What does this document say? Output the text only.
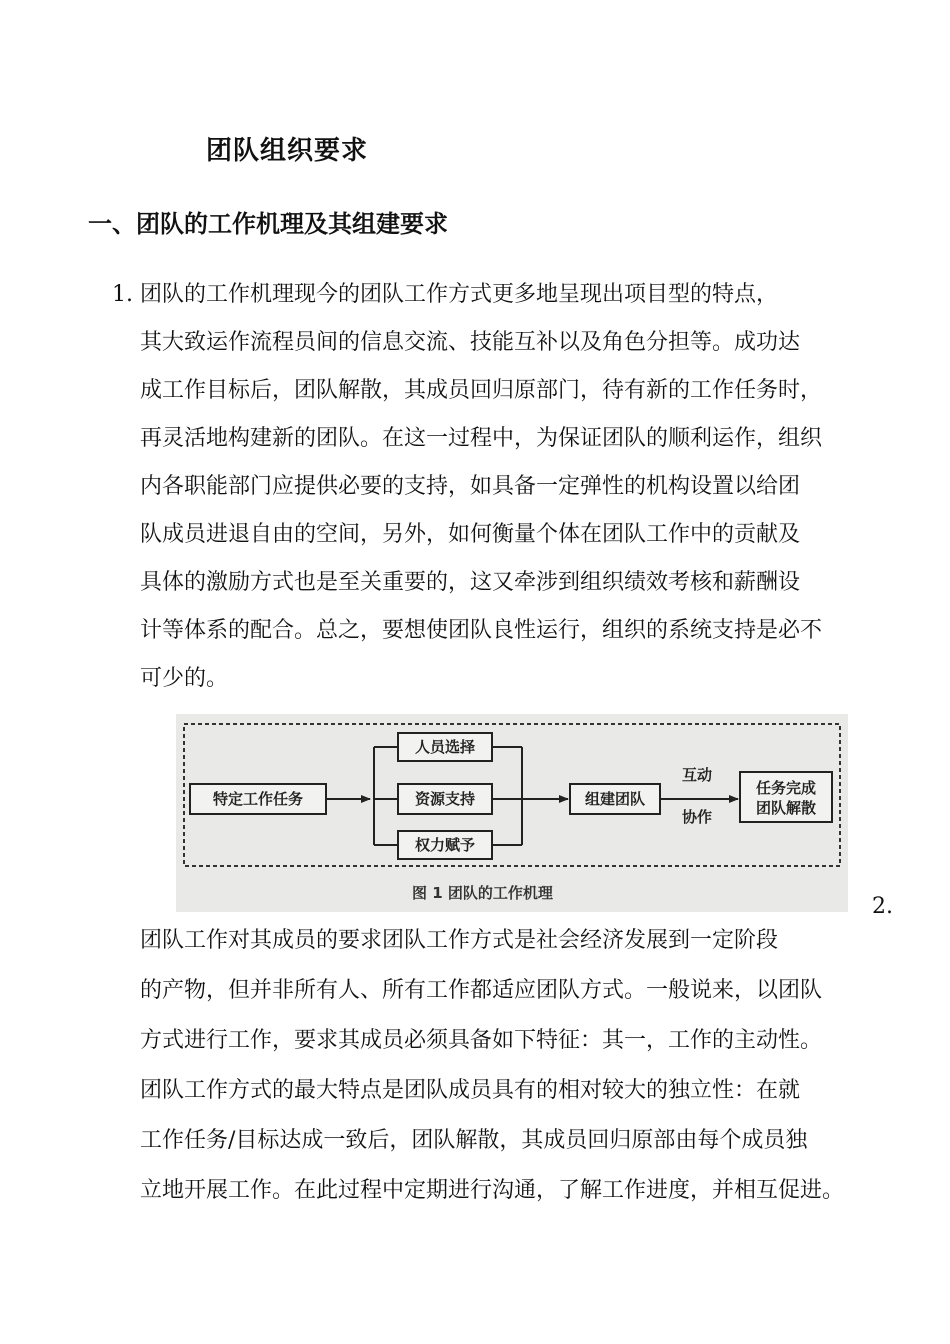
团队组织要求
一、团队的工作机理及其组建要求
1. 团队的工作机理现今的团队工作方式更多地呈现出项目型的特点，
其大致运作流程员间的信息交流、技能互补以及角色分担等。成功达
成工作目标后，团队解散，其成员回归原部门，待有新的工作任务时，
再灵活地构建新的团队。在这一过程中，为保证团队的顺利运作，组织
内各职能部门应提供必要的支持，如具备一定弹性的机构设置以给团
队成员进退自由的空间，另外，如何衡量个体在团队工作中的贡献及
具体的激励方式也是至关重要的，这又牵涉到组织绩效考核和薪酬设
计等体系的配合。总之，要想使团队良性运行，组织的系统支持是必不
可少的。
特定工作任务
人员选择
资源支持
权力赋予
组建团队
互动
协作
任务完成
团队解散
图 1 团队的工作机理
2.
团队工作对其成员的要求团队工作方式是社会经济发展到一定阶段
的产物，但并非所有人、所有工作都适应团队方式。一般说来，以团队
方式进行工作，要求其成员必须具备如下特征：其一，工作的主动性。
团队工作方式的最大特点是团队成员具有的相对较大的独立性：在就
工作任务/目标达成一致后，团队解散，其成员回归原部由每个成员独
立地开展工作。在此过程中定期进行沟通，了解工作进度，并相互促进。
